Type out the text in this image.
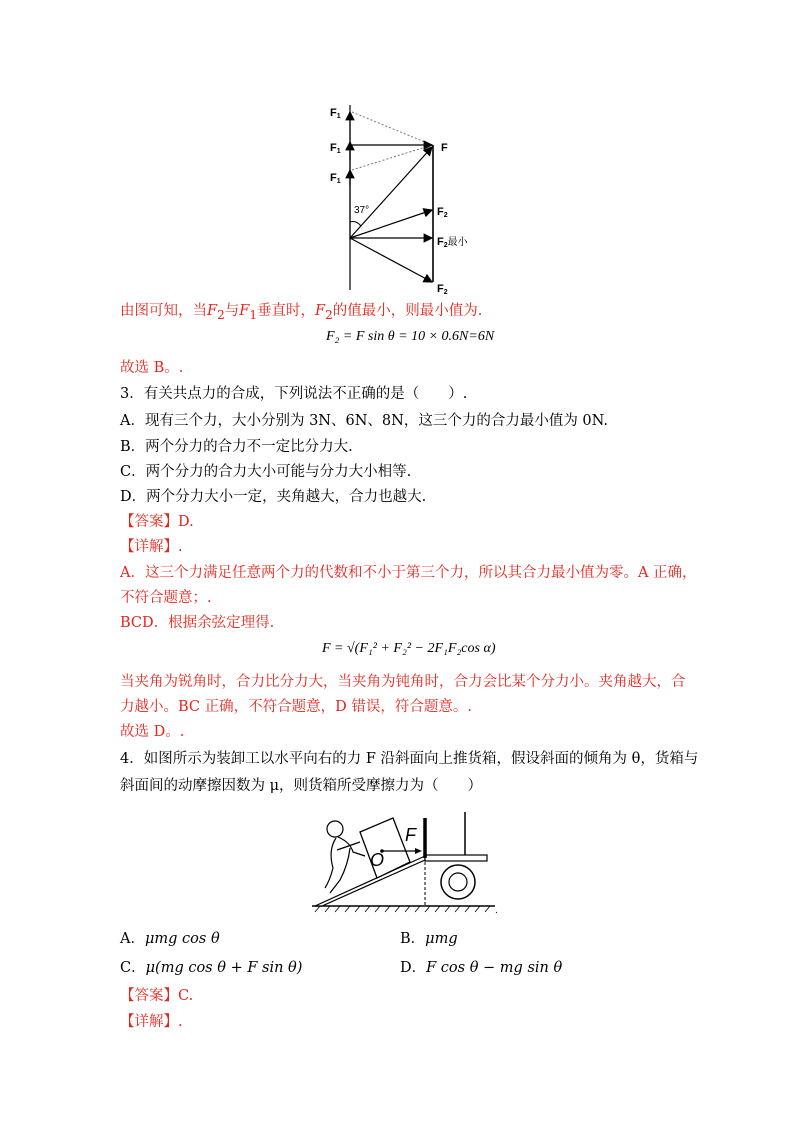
F1
F1
F1
F
37°	F2
F2最小
F2
由图可知，当$F_2$与$F_1$垂直时，$F_2$的值最小，则最小值为.
F₂ = F sin θ = 10 × 0.6N=6N
故选 B。.
3．有关共点力的合成，下列说法不正确的是（　　）.
A．现有三个力，大小分别为 3N、6N、8N，这三个力的合力最小值为 0N.
B．两个分力的合力不一定比分力大.
C．两个分力的合力大小可能与分力大小相等.
D．两个分力大小一定，夹角越大，合力也越大.
【答案】D.
【详解】.
A．这三个力满足任意两个力的代数和不小于第三个力，所以其合力最小值为零。A 正确，
不符合题意；.
BCD．根据余弦定理得.
F = √(F₁² + F₂² − 2F₁F₂cos α)
当夹角为锐角时，合力比分力大，当夹角为钝角时，合力会比某个分力小。夹角越大，合
力越小。BC 正确，不符合题意，D 错误，符合题意。.
故选 D。.
4．如图所示为装卸工以水平向右的力 F 沿斜面向上推货箱，假设斜面的倾角为 θ，货箱与
斜面间的动摩擦因数为 μ，则货箱所受摩擦力为（　　）
F
O
.
A．μmg cos θ	B．μmg
C．μ(mg cos θ + F sin θ)	D．F cos θ − mg sin θ
【答案】C.
【详解】.
